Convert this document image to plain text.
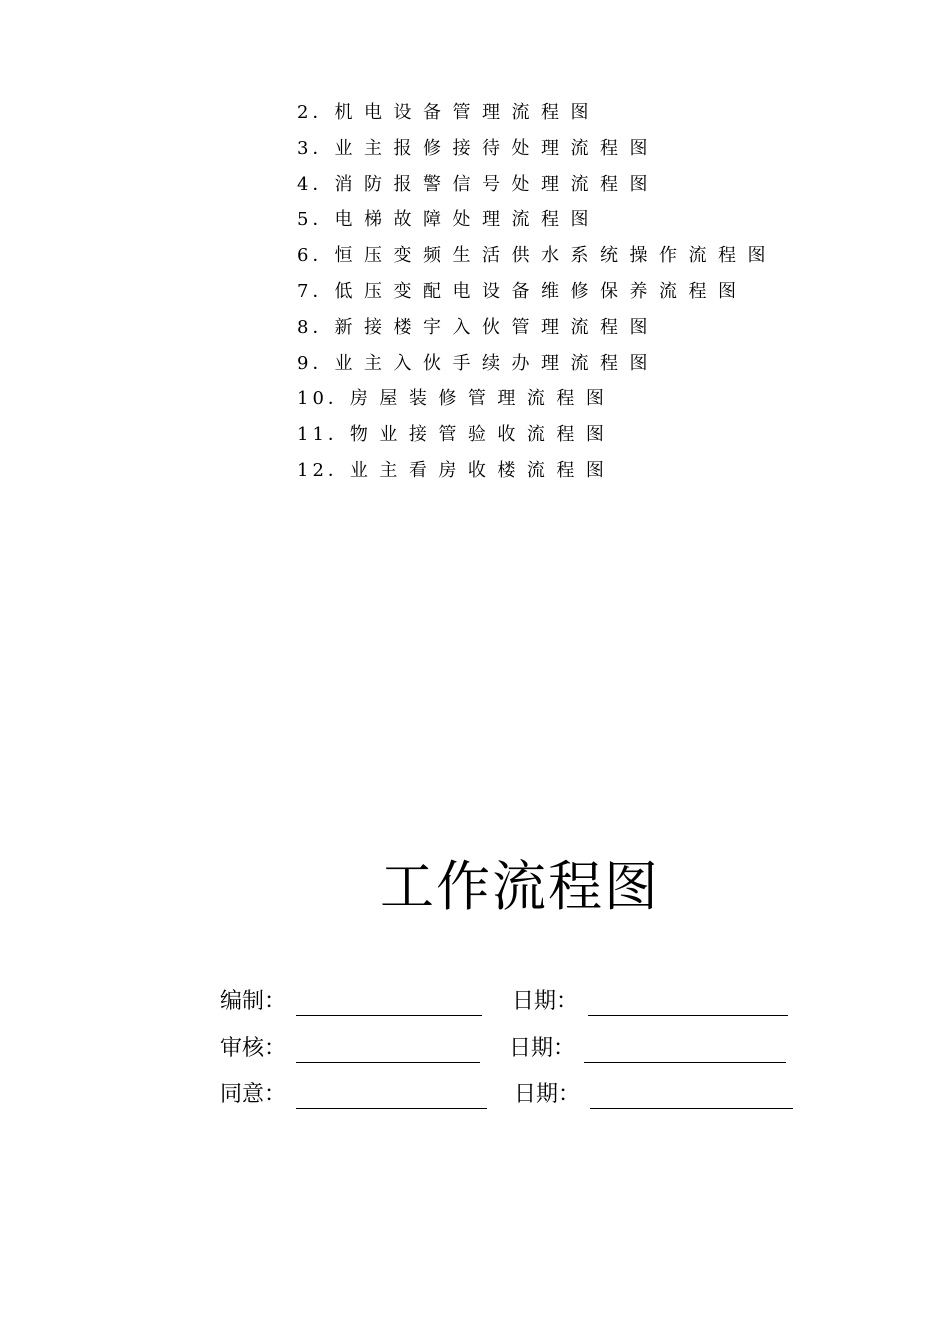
2．机电设备管理流程图
3．业主报修接待处理流程图
4．消防报警信号处理流程图
5．电梯故障处理流程图
6．恒压变频生活供水系统操作流程图
7．低压变配电设备维修保养流程图
8．新接楼宇入伙管理流程图
9．业主入伙手续办理流程图
10．房屋装修管理流程图
11．物业接管验收流程图
12．业主看房收楼流程图
工作流程图
编制：	日期：
审核：	日期：
同意：	日期：
